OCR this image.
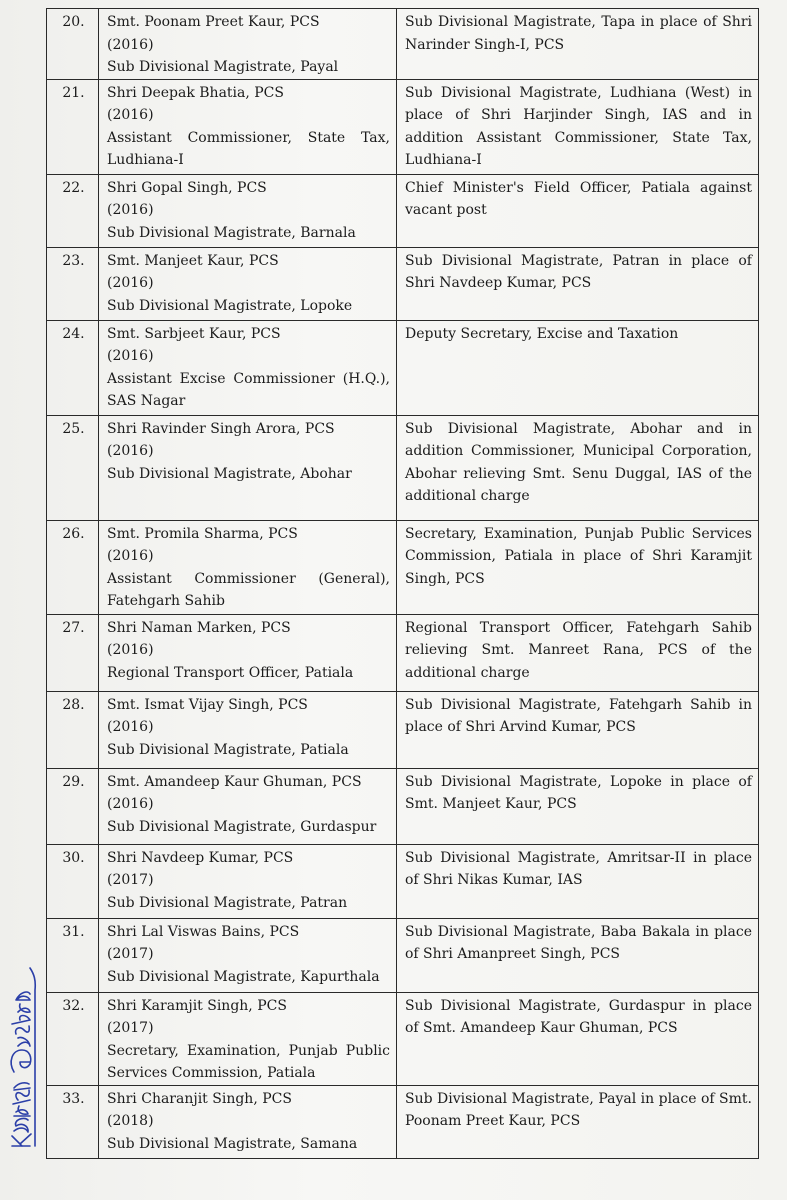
20.	Smt. Poonam Preet Kaur, PCS
(2016)
Sub Divisional Magistrate, Payal	Sub Divisional Magistrate, Tapa in place of Shri Narinder Singh-I, PCS
21.	Shri Deepak Bhatia, PCS
(2016)
Assistant Commissioner, State Tax, Ludhiana-I	Sub Divisional Magistrate, Ludhiana (West) in place of Shri Harjinder Singh, IAS and in addition Assistant Commissioner, State Tax, Ludhiana-I
22.	Shri Gopal Singh, PCS
(2016)
Sub Divisional Magistrate, Barnala	Chief Minister's Field Officer, Patiala against vacant post
23.	Smt. Manjeet Kaur, PCS
(2016)
Sub Divisional Magistrate, Lopoke	Sub Divisional Magistrate, Patran in place of Shri Navdeep Kumar, PCS
24.	Smt. Sarbjeet Kaur, PCS
(2016)
Assistant Excise Commissioner (H.Q.), SAS Nagar	Deputy Secretary, Excise and Taxation
25.	Shri Ravinder Singh Arora, PCS
(2016)
Sub Divisional Magistrate, Abohar	Sub Divisional Magistrate, Abohar and in addition Commissioner, Municipal Corporation, Abohar relieving Smt. Senu Duggal, IAS of the additional charge
26.	Smt. Promila Sharma, PCS
(2016)
Assistant Commissioner (General), Fatehgarh Sahib	Secretary, Examination, Punjab Public Services Commission, Patiala in place of Shri Karamjit Singh, PCS
27.	Shri Naman Marken, PCS
(2016)
Regional Transport Officer, Patiala	Regional Transport Officer, Fatehgarh Sahib relieving Smt. Manreet Rana, PCS of the additional charge
28.	Smt. Ismat Vijay Singh, PCS
(2016)
Sub Divisional Magistrate, Patiala	Sub Divisional Magistrate, Fatehgarh Sahib in place of Shri Arvind Kumar, PCS
29.	Smt. Amandeep Kaur Ghuman, PCS
(2016)
Sub Divisional Magistrate, Gurdaspur	Sub Divisional Magistrate, Lopoke in place of Smt. Manjeet Kaur, PCS
30.	Shri Navdeep Kumar, PCS
(2017)
Sub Divisional Magistrate, Patran	Sub Divisional Magistrate, Amritsar-II in place of Shri Nikas Kumar, IAS
31.	Shri Lal Viswas Bains, PCS
(2017)
Sub Divisional Magistrate, Kapurthala	Sub Divisional Magistrate, Baba Bakala in place of Shri Amanpreet Singh, PCS
32.	Shri Karamjit Singh, PCS
(2017)
Secretary, Examination, Punjab Public Services Commission, Patiala	Sub Divisional Magistrate, Gurdaspur in place of Smt. Amandeep Kaur Ghuman, PCS
33.	Shri Charanjit Singh, PCS
(2018)
Sub Divisional Magistrate, Samana	Sub Divisional Magistrate, Payal in place of Smt. Poonam Preet Kaur, PCS
